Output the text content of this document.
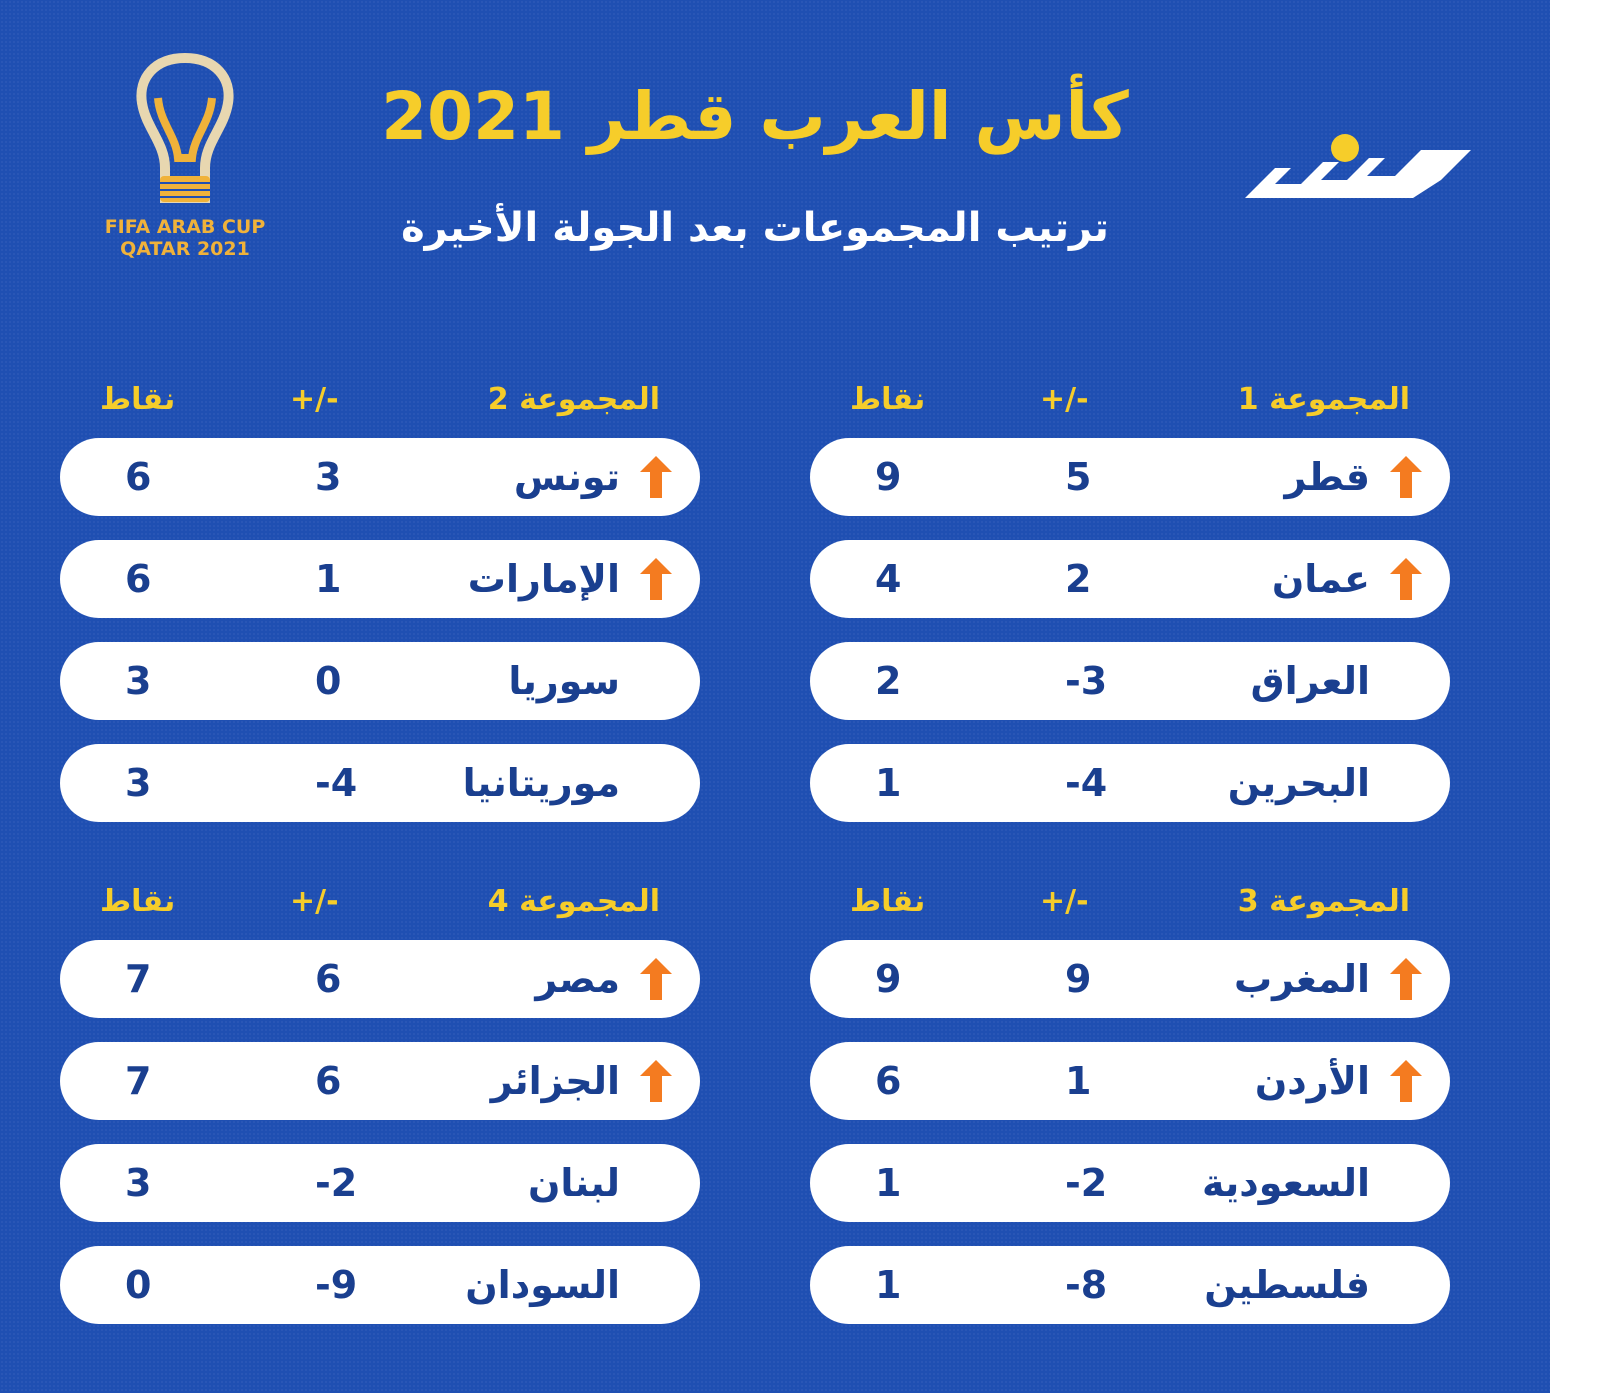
FIFA ARAB CUP
QATAR 2021
كأس العرب قطر 2021
ترتيب المجموعات بعد الجولة الأخيرة
المجموعة 1
+/-
نقاط
قطر
5
9
عمان
2
4
العراق
-3
2
البحرين
-4
1
المجموعة 2
+/-
نقاط
تونس
3
6
الإمارات
1
6
سوريا
0
3
موريتانيا
-4
3
المجموعة 3
+/-
نقاط
المغرب
9
9
الأردن
1
6
السعودية
-2
1
فلسطين
-8
1
المجموعة 4
+/-
نقاط
مصر
6
7
الجزائر
6
7
لبنان
-2
3
السودان
-9
0
